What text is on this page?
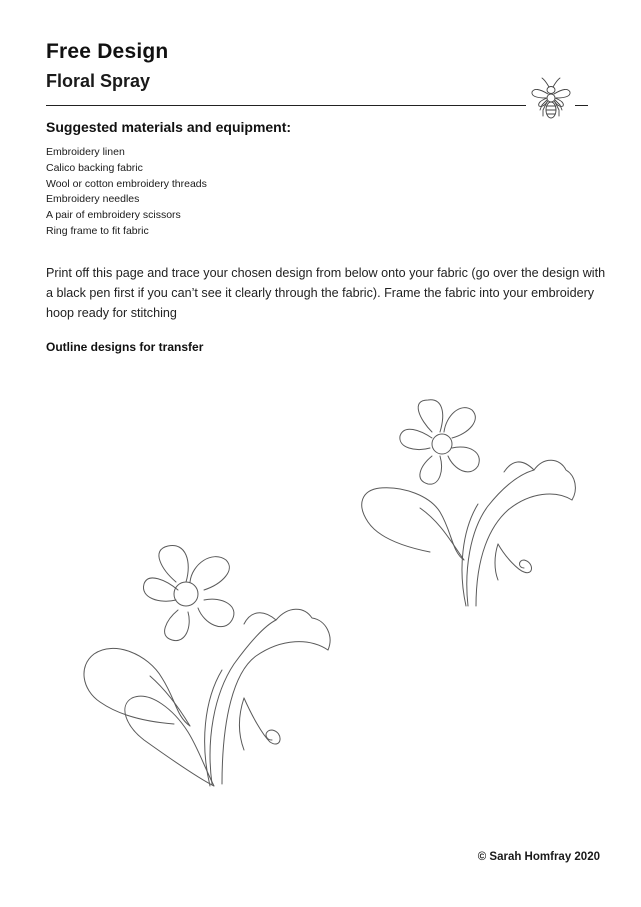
Free Design
Floral Spray
Suggested materials and equipment:
Embroidery linen
Calico backing fabric
Wool or cotton embroidery threads
Embroidery needles
A pair of embroidery scissors
Ring frame to fit fabric

Print off this page and trace your chosen design from below onto your fabric (go over the design with a black pen first if you can’t see it clearly through the fabric). Frame the fabric into your embroidery hoop ready for stitching

Outline designs for transfer
© Sarah Homfray 2020
